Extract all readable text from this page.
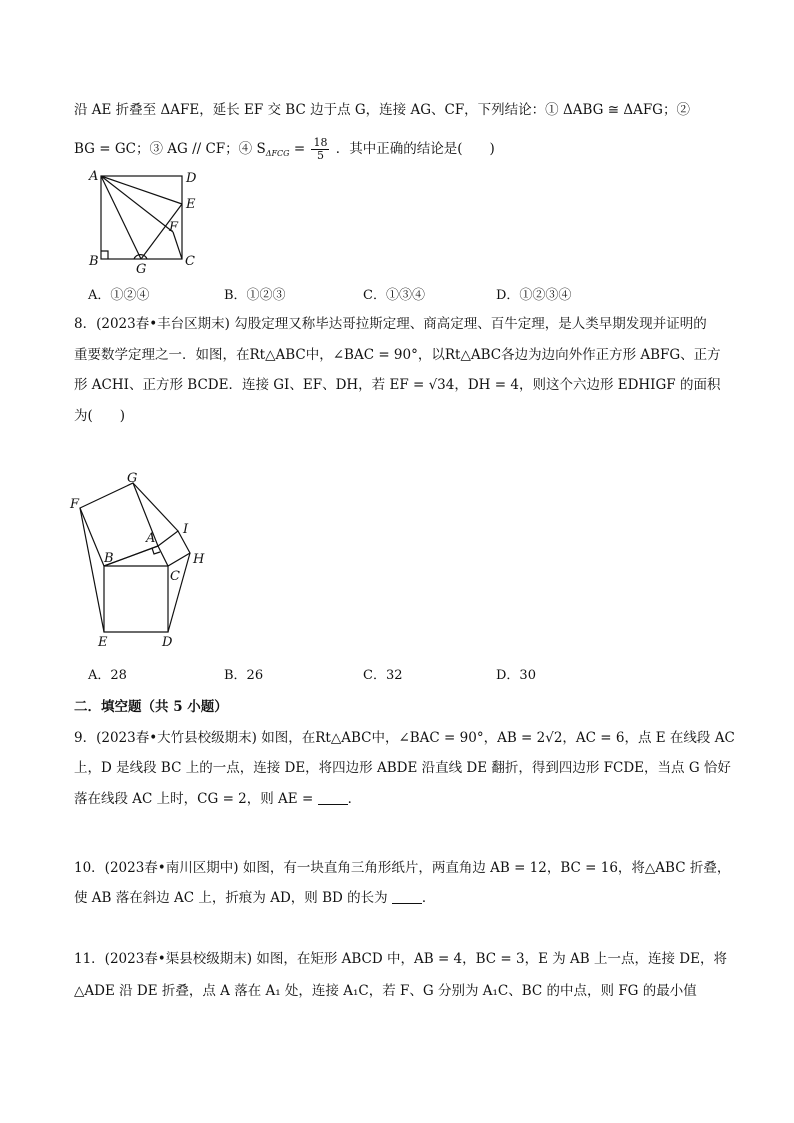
沿 AE 折叠至 ΔAFE，延长 EF 交 BC 边于点 G，连接 AG、CF，下列结论：① ΔABG ≅ ΔAFG；②
BG = GC；③ AG // CF；④ $S_{\Delta FCG} = \frac{18}{5}$ ．其中正确的结论是(　　)
A	D
E
F
B
G
C
A．①②④	B．①②③	C．①③④	D．①②③④
8．(2023春•丰台区期末) 勾股定理又称毕达哥拉斯定理、商高定理、百牛定理，是人类早期发现并证明的
重要数学定理之一．如图，在Rt△ABC中，∠BAC = 90°，以Rt△ABC各边为边向外作正方形 ABFG、正方
形 ACHI、正方形 BCDE．连接 GI、EF、DH，若 EF = √34，DH = 4，则这个六边形 EDHIGF 的面积
为(　　)
G
F
A
I
B
C
H
E	D
A．28	B．26	C．32	D．30
二．填空题（共 5 小题）
9．(2023春•大竹县校级期末) 如图，在Rt△ABC中，∠BAC = 90°，AB = 2√2，AC = 6，点 E 在线段 AC
上，D 是线段 BC 上的一点，连接 DE，将四边形 ABDE 沿直线 DE 翻折，得到四边形 FCDE，当点 G 恰好
落在线段 AC 上时，CG = 2，则 AE =	．
10．(2023春•南川区期中) 如图，有一块直角三角形纸片，两直角边 AB = 12，BC = 16，将△ABC 折叠，
使 AB 落在斜边 AC 上，折痕为 AD，则 BD 的长为	．
11．(2023春•渠县校级期末) 如图，在矩形 ABCD 中，AB = 4，BC = 3，E 为 AB 上一点，连接 DE，将
△ADE 沿 DE 折叠，点 A 落在 A₁ 处，连接 A₁C，若 F、G 分别为 A₁C、BC 的中点，则 FG 的最小值
